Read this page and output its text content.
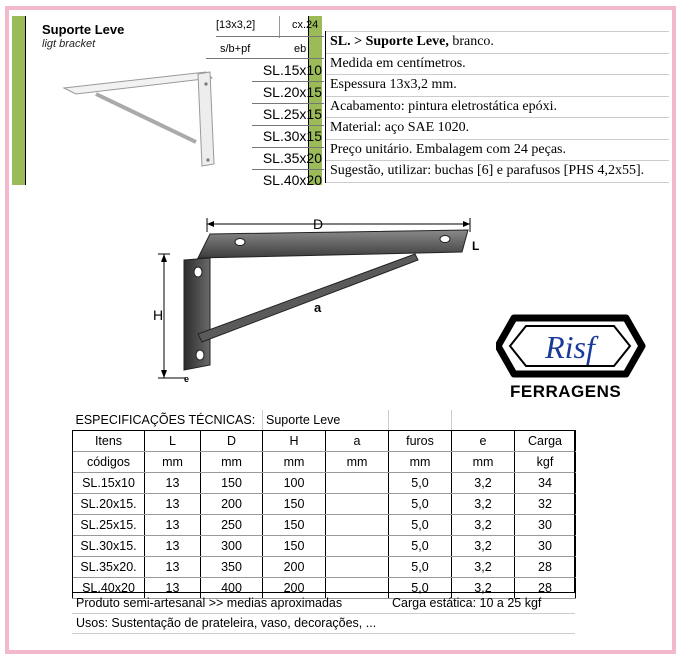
Suporte Leve
ligt bracket
[13x3,2]	cx.24
s/b+pf	eb
SL.15x10
SL.20x15
SL.25x15
SL.30x15
SL.35x20
SL.40x20
SL. > Suporte Leve, branco.
Medida em centímetros.
Espessura 13x3,2 mm.
Acabamento: pintura eletrostática epóxi.
Material: aço SAE 1020.
Preço unitário. Embalagem com 24 peças.
Sugestão, utilizar: buchas [6] e parafusos [PHS 4,2x55].
D
L
H	a
e
Risf
FERRAGENS
ESPECIFICAÇÕES TÉCNICAS:			Suporte Leve				
Itens	L	D	H	a	furos	e	Carga
códigos	mm	mm	mm	mm	mm	mm	kgf
SL.15x10	13	150	100		5,0	3,2	34
SL.20x15.	13	200	150		5,0	3,2	32
SL.25x15.	13	250	150		5,0	3,2	30
SL.30x15.	13	300	150		5,0	3,2	30
SL.35x20.	13	350	200		5,0	3,2	28
SL.40x20	13	400	200		5,0	3,2	28
Produto semi-artesanal >> medias aproximadas	Carga estática: 10 a 25 kgf
Usos: Sustentação de prateleira, vaso, decorações, ...
